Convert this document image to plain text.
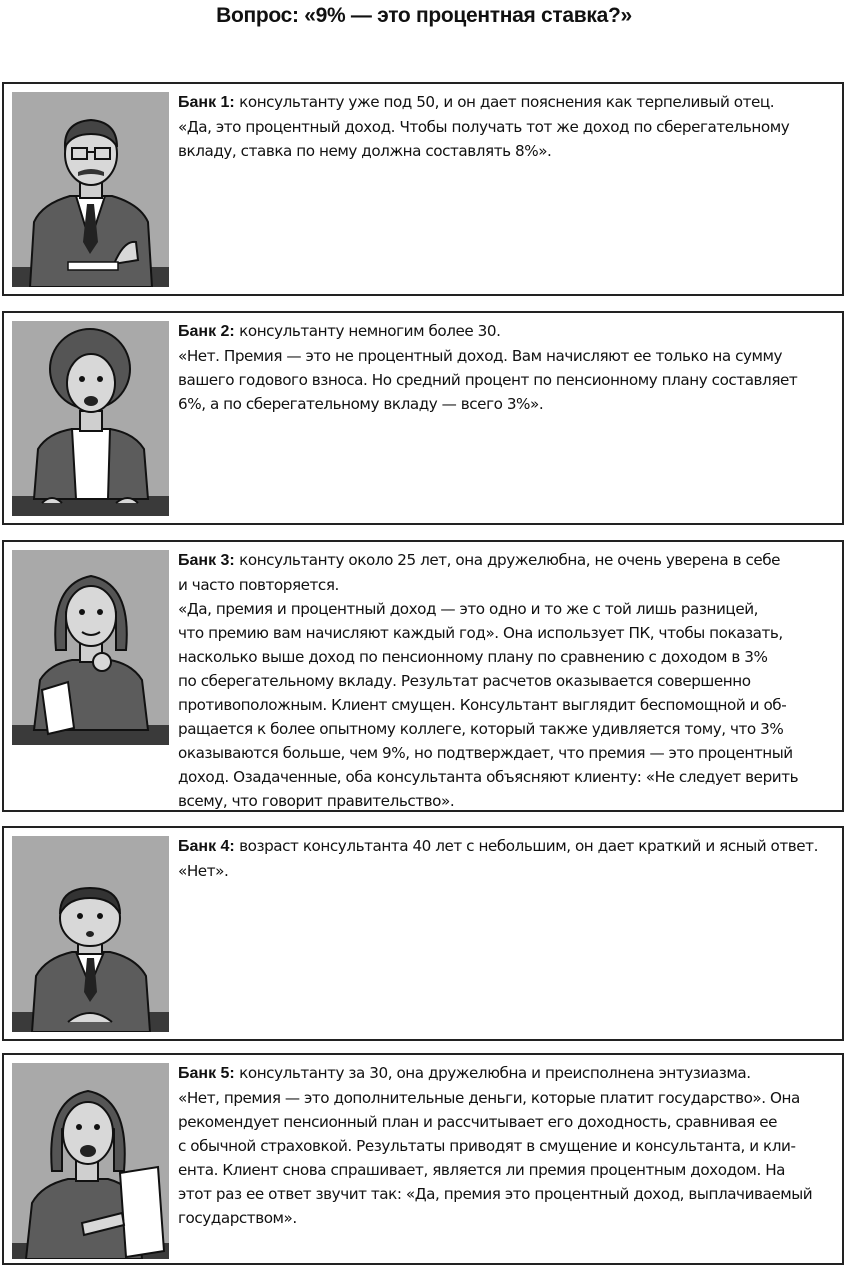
Вопрос: «9% — это процентная ставка?»

Банк 1: консультанту уже под 50, и он дает пояснения как терпеливый отец.

«Да, это процентный доход. Чтобы получать тот же доход по сберегательному

вкладу, ставка по нему должна составлять 8%».

Банк 2: консультанту немногим более 30.

«Нет. Премия — это не процентный доход. Вам начисляют ее только на сумму

вашего годового взноса. Но средний процент по пенсионному плану составляет

6%, а по сберегательному вкладу — всего 3%».

Банк 3: консультанту около 25 лет, она дружелюбна, не очень уверена в себе

и часто повторяется.

«Да, премия и процентный доход — это одно и то же с той лишь разницей,

что премию вам начисляют каждый год». Она использует ПК, чтобы показать,

насколько выше доход по пенсионному плану по сравнению с доходом в 3%

по сберегательному вкладу. Результат расчетов оказывается совершенно

противоположным. Клиент смущен. Консультант выглядит беспомощной и об-

ращается к более опытному коллеге, который также удивляется тому, что 3%

оказываются больше, чем 9%, но подтверждает, что премия — это процентный

доход. Озадаченные, оба консультанта объясняют клиенту: «Не следует верить

всему, что говорит правительство».

Банк 4: возраст консультанта 40 лет с небольшим, он дает краткий и ясный ответ.

«Нет».

Банк 5: консультанту за 30, она дружелюбна и преисполнена энтузиазма.

«Нет, премия — это дополнительные деньги, которые платит государство». Она

рекомендует пенсионный план и рассчитывает его доходность, сравнивая ее

с обычной страховкой. Результаты приводят в смущение и консультанта, и кли-

ента. Клиент снова спрашивает, является ли премия процентным доходом. На

этот раз ее ответ звучит так: «Да, премия это процентный доход, выплачиваемый

государством».
